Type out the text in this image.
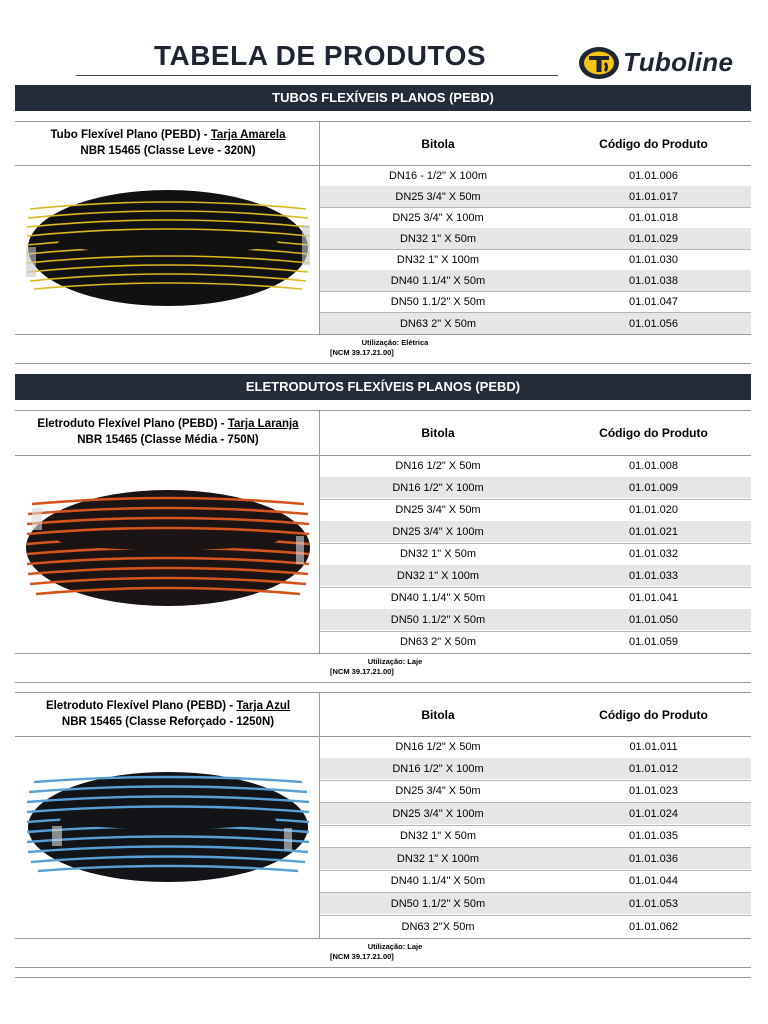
TABELA DE PRODUTOS	Tuboline
TUBOS FLEXÍVEIS PLANOS (PEBD)
Tubo Flexível Plano (PEBD) - Tarja Amarela
NBR 15465 (Classe Leve - 320N)	Bitola	Código do Produto
DN16 - 1/2" X 100m	01.01.006
DN25 3/4" X 50m	01.01.017
DN25 3/4" X 100m	01.01.018
DN32 1" X 50m	01.01.029
DN32 1" X 100m	01.01.030
DN40 1.1/4" X 50m	01.01.038
DN50 1.1/2" X 50m	01.01.047
DN63 2" X 50m	01.01.056
Utilização: Elétrica
[NCM 39.17.21.00]
ELETRODUTOS FLEXÍVEIS PLANOS (PEBD)
Eletroduto Flexível Plano (PEBD) - Tarja Laranja
NBR 15465 (Classe Média - 750N)	Bitola	Código do Produto
DN16 1/2" X 50m	01.01.008
DN16 1/2" X 100m	01.01.009
DN25 3/4" X 50m	01.01.020
DN25 3/4" X 100m	01.01.021
DN32 1" X 50m	01.01.032
DN32 1" X 100m	01.01.033
DN40 1.1/4" X 50m	01.01.041
DN50 1.1/2" X 50m	01.01.050
DN63 2" X 50m	01.01.059
Utilização: Laje
[NCM 39.17.21.00]
Eletroduto Flexível Plano (PEBD) - Tarja Azul
NBR 15465 (Classe Reforçado - 1250N)	Bitola	Código do Produto
DN16 1/2" X 50m	01.01.011
DN16 1/2" X 100m	01.01.012
DN25 3/4" X 50m	01.01.023
DN25 3/4" X 100m	01.01.024
DN32 1" X 50m	01.01.035
DN32 1" X 100m	01.01.036
DN40 1.1/4" X 50m	01.01.044
DN50 1.1/2" X 50m	01.01.053
DN63 2"X 50m	01.01.062
Utilização: Laje
[NCM 39.17.21.00]
